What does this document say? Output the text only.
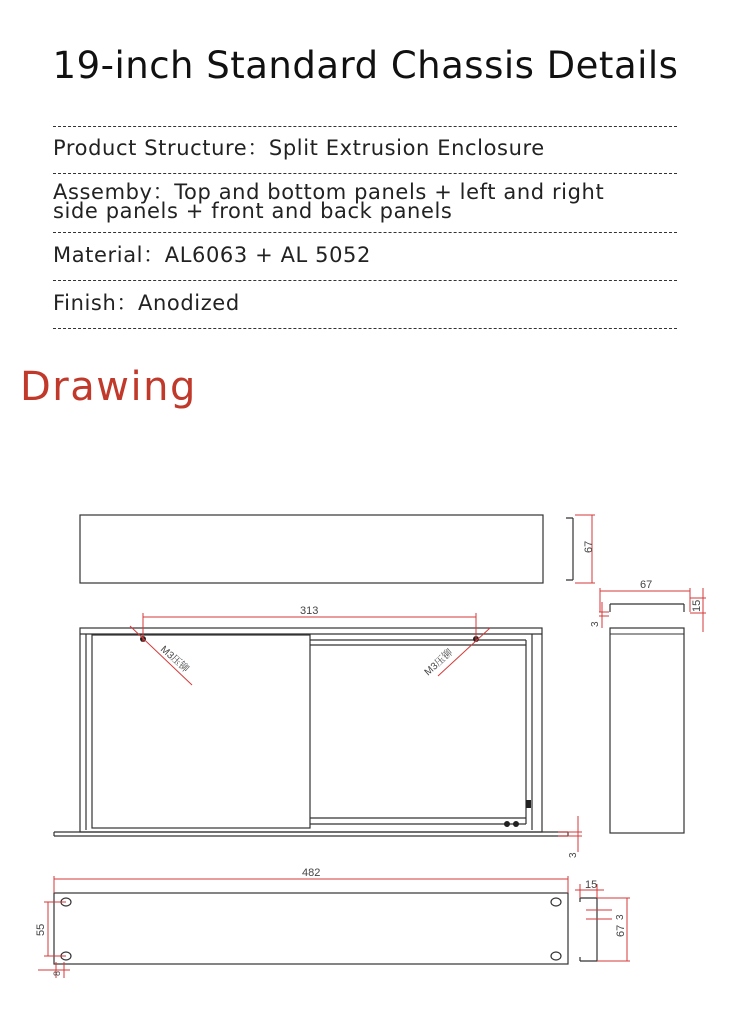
19-inch Standard Chassis Details
Product Structure：Split Extrusion Enclosure
Assemby：Top and bottom panels + left and right
side panels + front and back panels
Material：AL6063 + AL 5052
Finish：Anodized
Drawing
67
67
15
3
313
M3压铆	M3压铆
3
482
55
8
15
3
67
